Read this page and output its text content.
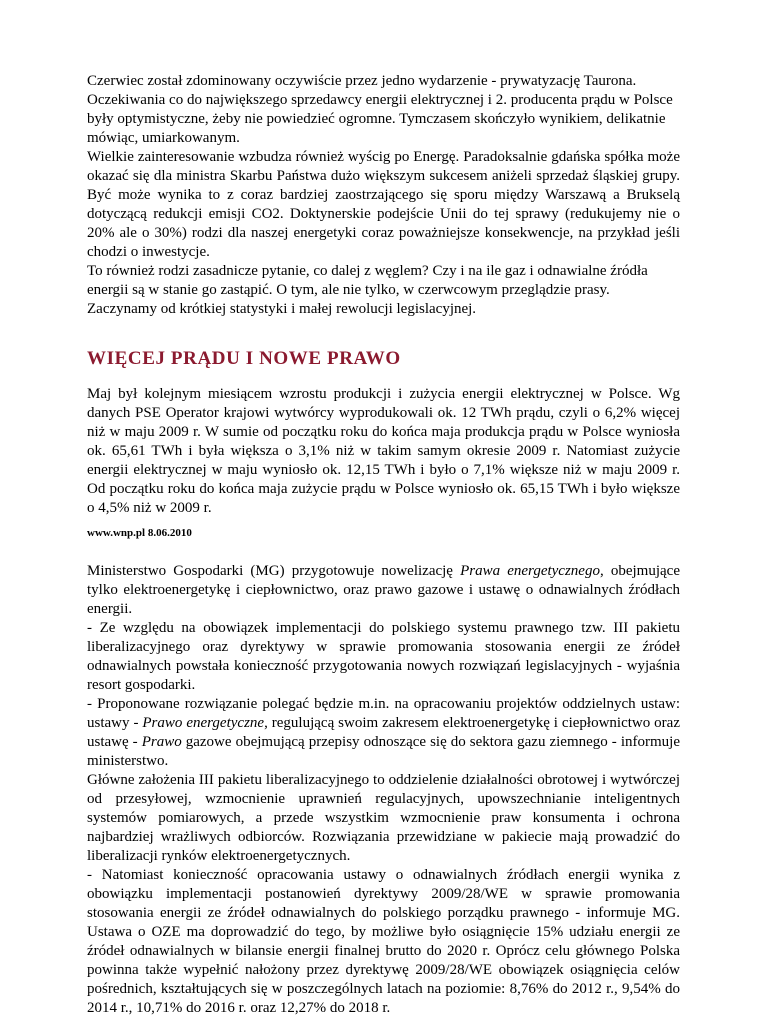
Czerwiec został zdominowany oczywiście przez jedno wydarzenie - prywatyzację Tauronа. Oczekiwania co do największego sprzedawcy energii elektrycznej i 2. producenta prądu w Polsce były optymistyczne, żeby nie powiedzieć ogromne. Tymczasem skończyło wynikiem, delikatnie mówiąc, umiarkowanym.

Wielkie zainteresowanie wzbudza również wyścig po Energę. Paradoksalnie gdańska spółka może okazać się dla ministra Skarbu Państwa dużo większym sukcesem aniżeli sprzedaż śląskiej grupy. Być może wynika to z coraz bardziej zaostrzającego się sporu między Warszawą a Brukselą dotyczącą redukcji emisji CO2. Doktynerskie podejście Unii do tej sprawy (redukujemy nie o 20% ale o 30%) rodzi dla naszej energetyki coraz poważniejsze konsekwencje, na przykład jeśli chodzi o inwestycje.

To również rodzi zasadnicze pytanie, co dalej z węglem? Czy i na ile gaz i odnawialne źródła energii są w stanie go zastąpić. O tym, ale nie tylko, w czerwcowym przeglądzie prasy.

Zaczynamy od krótkiej statystyki i małej rewolucji legislacyjnej.

WIĘCEJ PRĄDU I NOWE PRAWO

Maj był kolejnym miesiącem wzrostu produkcji i zużycia energii elektrycznej w Polsce. Wg danych PSE Operator krajowi wytwórcy wyprodukowali ok. 12 TWh prądu, czyli o 6,2% więcej niż w maju 2009 r. W sumie od początku roku do końca maja produkcja prądu w Polsce wyniosła ok. 65,61 TWh i była większa o 3,1% niż w takim samym okresie 2009 r. Natomiast zużycie energii elektrycznej w maju wyniosło ok. 12,15 TWh i było o 7,1% większe niż w maju 2009 r. Od początku roku do końca maja zużycie prądu w Polsce wyniosło ok. 65,15 TWh i było większe o 4,5% niż w 2009 r.

www.wnp.pl 8.06.2010

Ministerstwo Gospodarki (MG) przygotowuje nowelizację Prawa energetycznego, obejmujące tylko elektroenergetykę i ciepłownictwo, oraz prawo gazowe i ustawę o odnawialnych źródłach energii.

- Ze względu na obowiązek implementacji do polskiego systemu prawnego tzw. III pakietu liberalizacyjnego oraz dyrektywy w sprawie promowania stosowania energii ze źródeł odnawialnych powstała konieczność przygotowania nowych rozwiązań legislacyjnych - wyjaśnia resort gospodarki.

- Proponowane rozwiązanie polegać będzie m.in. na opracowaniu projektów oddzielnych ustaw: ustawy - Prawo energetyczne, regulującą swoim zakresem elektroenergetykę i ciepłownictwo oraz ustawę - Prawo gazowe obejmującą przepisy odnoszące się do sektora gazu ziemnego - informuje ministerstwo.

Główne założenia III pakietu liberalizacyjnego to oddzielenie działalności obrotowej i wytwórczej od przesyłowej, wzmocnienie uprawnień regulacyjnych, upowszechnianie inteligentnych systemów pomiarowych, a przede wszystkim wzmocnienie praw konsumenta i ochrona najbardziej wrażliwych odbiorców. Rozwiązania przewidziane w pakiecie mają prowadzić do liberalizacji rynków elektroenergetycznych.

- Natomiast konieczność opracowania ustawy o odnawialnych źródłach energii wynika z obowiązku implementacji postanowień dyrektywy 2009/28/WE w sprawie promowania stosowania energii ze źródeł odnawialnych do polskiego porządku prawnego - informuje MG. Ustawa o OZE ma doprowadzić do tego, by możliwe było osiągnięcie 15% udziału energii ze źródeł odnawialnych w bilansie energii finalnej brutto do 2020 r. Oprócz celu głównego Polska powinna także wypełnić nałożony przez dyrektywę 2009/28/WE obowiązek osiągnięcia celów pośrednich, kształtujących się w poszczególnych latach na poziomie: 8,76% do 2012 r., 9,54% do 2014 r., 10,71% do 2016 r. oraz 12,27% do 2018 r.
